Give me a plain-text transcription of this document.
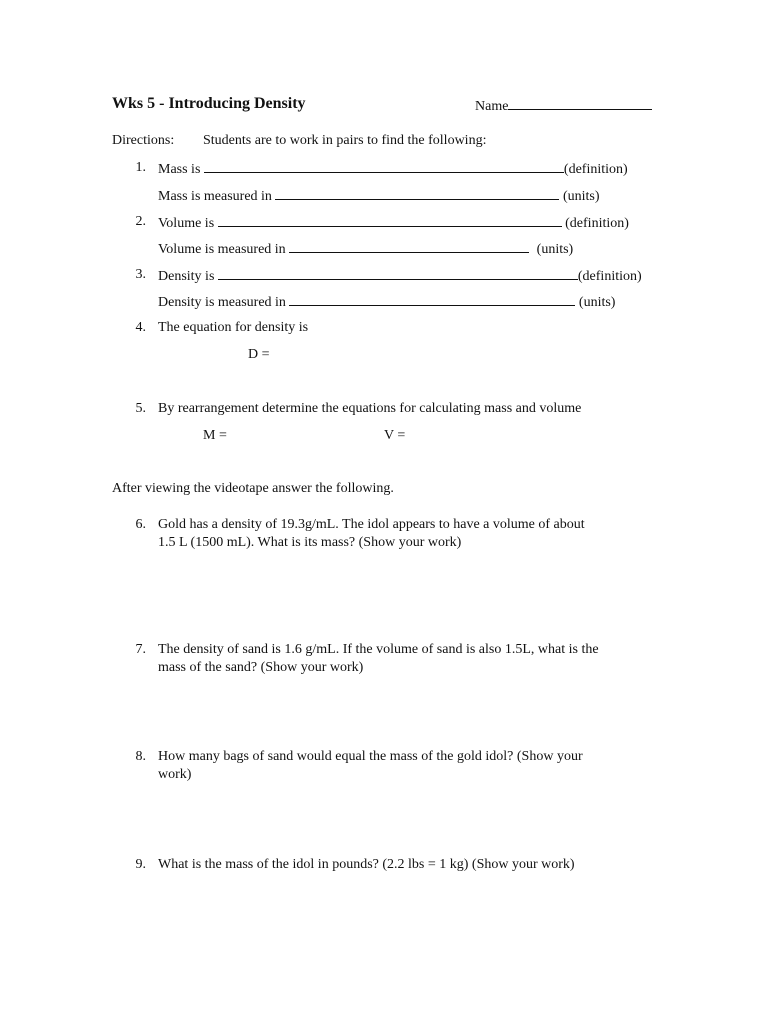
Wks 5 - Introducing Density	Name
Directions: Students are to work in pairs to find the following:
1. Mass is	(definition)
Mass is measured in	(units)
2. Volume is	(definition)
Volume is measured in	(units)
3. Density is	(definition)
Density is measured in	(units)
4. The equation for density is
D =
5. By rearrangement determine the equations for calculating mass and volume
M =	V =
After viewing the videotape answer the following.
6. Gold has a density of 19.3g/mL. The idol appears to have a volume of about
1.5 L (1500 mL). What is its mass? (Show your work)
7. The density of sand is 1.6 g/mL. If the volume of sand is also 1.5L, what is the
mass of the sand? (Show your work)
8. How many bags of sand would equal the mass of the gold idol? (Show your
work)
9. What is the mass of the idol in pounds? (2.2 lbs = 1 kg) (Show your work)
